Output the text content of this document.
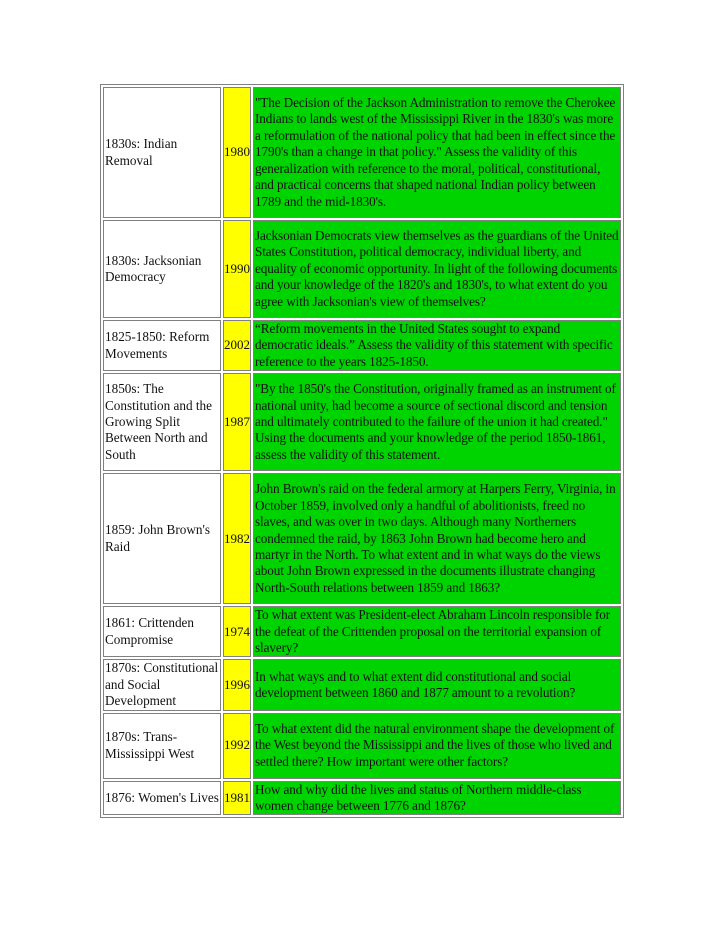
1830s: Indian Removal	1980	"The Decision of the Jackson Administration to remove the Cherokee Indians to lands west of the Mississippi River in the 1830's was more a reformulation of the national policy that had been in effect since the 1790's than a change in that policy." Assess the validity of this generalization with reference to the moral, political, constitutional, and practical concerns that shaped national Indian policy between 1789 and the mid-1830's.

1830s: Jacksonian Democracy	1990	Jacksonian Democrats view themselves as the guardians of the United States Constitution, political democracy, individual liberty, and equality of economic opportunity. In light of the following documents and your knowledge of the 1820's and 1830's, to what extent do you agree with Jacksonian's view of themselves?

1825-1850: Reform Movements	2002	“Reform movements in the United States sought to expand democratic ideals.” Assess the validity of this statement with specific reference to the years 1825-1850.

1850s: The Constitution and the Growing Split Between North and South	1987	"By the 1850's the Constitution, originally framed as an instrument of national unity, had become a source of sectional discord and tension and ultimately contributed to the failure of the union it had created." Using the documents and your knowledge of the period 1850-1861, assess the validity of this statement.

1859: John Brown's Raid	1982	John Brown's raid on the federal armory at Harpers Ferry, Virginia, in October 1859, involved only a handful of abolitionists, freed no slaves, and was over in two days. Although many Northerners condemned the raid, by 1863 John Brown had become hero and martyr in the North. To what extent and in what ways do the views about John Brown expressed in the documents illustrate changing North-South relations between 1859 and 1863?

1861: Crittenden Compromise	1974	To what extent was President-elect Abraham Lincoln responsible for the defeat of the Crittenden proposal on the territorial expansion of slavery?

1870s: Constitutional and Social Development	1996	In what ways and to what extent did constitutional and social development between 1860 and 1877 amount to a revolution?

1870s: Trans-Mississippi West	1992	To what extent did the natural environment shape the development of the West beyond the Mississippi and the lives of those who lived and settled there? How important were other factors?

1876: Women's Lives	1981	How and why did the lives and status of Northern middle-class women change between 1776 and 1876?
